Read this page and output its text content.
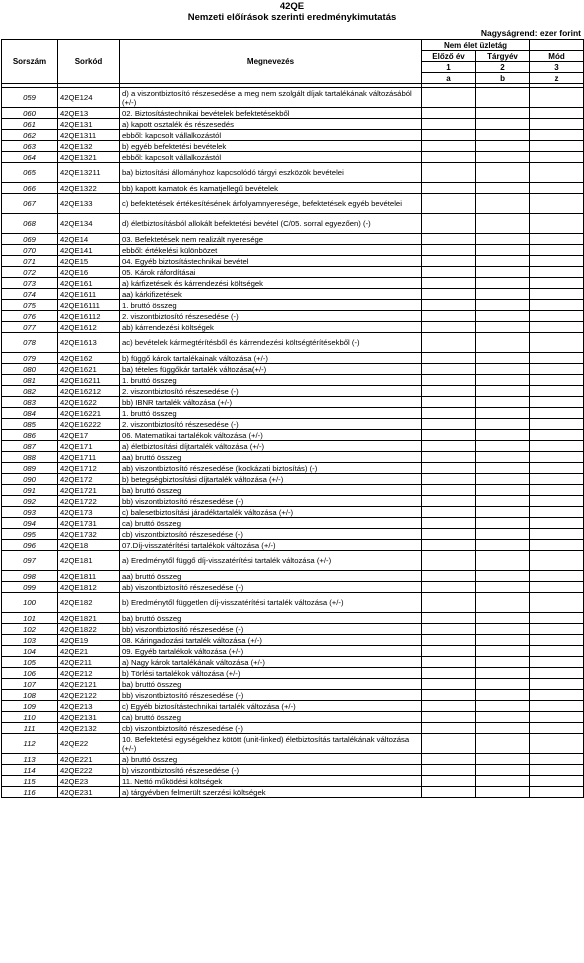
42QE
Nemzeti előírások szerinti eredménykimutatás
Nagyságrend: ezer forint
Sorszám	Sorkód	Megnevezés	Nem élet üzletág		
			Előző év	Tárgyév	Mód
			1	2	3
			a	b	z

059	42QE124	d) a viszontbiztosító részesedése a meg nem szolgált díjak tartalékának változásából (+/-)			
060	42QE13	02. Biztosítástechnikai bevételek befektetésekből			
061	42QE131	a) kapott osztalék és részesedés			
062	42QE1311	ebből: kapcsolt vállalkozástól			
063	42QE132	b) egyéb befektetési bevételek			
064	42QE1321	ebből: kapcsolt vállalkozástól			
065	42QE13211	ba) biztosítási állományhoz kapcsolódó tárgyi eszközök bevételei			
066	42QE1322	bb) kapott kamatok és kamatjellegű bevételek			
067	42QE133	c) befektetések értékesítésének árfolyamnyeresége, befektetések egyéb bevételei			
068	42QE134	d) életbiztosításból allokált befektetési bevétel (C/05. sorral egyezően) (-)			
069	42QE14	03. Befektetések nem realizált nyeresége			
070	42QE141	ebből: értékelési különbözet			
071	42QE15	04. Egyéb biztosítástechnikai bevétel			
072	42QE16	05. Károk ráfordításai			
073	42QE161	a) kárfizetések és kárrendezési költségek			
074	42QE1611	aa) kárkifizetések			
075	42QE16111	1. bruttó összeg			
076	42QE16112	2. viszontbiztosító részesedése (-)			
077	42QE1612	ab) kárrendezési költségek			
078	42QE1613	ac) bevételek kármegtérítésből és kárrendezési költségtérítésekből (-)			
079	42QE162	b) függő károk tartalékainak változása (+/-)			
080	42QE1621	ba) tételes függőkár tartalék változása(+/-)			
081	42QE16211	1. bruttó összeg			
082	42QE16212	2. viszontbiztosító részesedése (-)			
083	42QE1622	bb) IBNR tartalék változása (+/-)			
084	42QE16221	1. bruttó összeg			
085	42QE16222	2. viszontbiztosító részesedése (-)			
086	42QE17	06. Matematikai tartalékok változása (+/-)			
087	42QE171	a) életbiztosítási díjtartalék változása (+/-)			
088	42QE1711	aa) bruttó összeg			
089	42QE1712	ab) viszontbiztosító részesedése (kockázati biztosítás) (-)			
090	42QE172	b) betegségbiztosítási díjtartalék változása (+/-)			
091	42QE1721	ba) bruttó összeg			
092	42QE1722	bb) viszontbiztosító részesedése (-)			
093	42QE173	c) balesetbiztosítási járadéktartalék változása (+/-)			
094	42QE1731	ca) bruttó összeg			
095	42QE1732	cb) viszontbiztosító részesedése (-)			
096	42QE18	07.Díj-visszatérítési tartalékok változása (+/-)			
097	42QE181	a) Eredménytől függő díj-visszatérítési tartalék változása (+/-)			
098	42QE1811	aa) bruttó összeg			
099	42QE1812	ab) viszontbiztosító részesedése (-)			
100	42QE182	b) Eredménytől független díj-visszatérítési tartalék változása (+/-)			
101	42QE1821	ba) bruttó összeg			
102	42QE1822	bb) viszontbiztosító részesedése (-)			
103	42QE19	08. Káringadozási tartalék változása (+/-)			
104	42QE21	09. Egyéb tartalékok változása (+/-)			
105	42QE211	a) Nagy károk tartalékának változása (+/-)			
106	42QE212	b) Törlési tartalékok változása (+/-)			
107	42QE2121	ba) bruttó összeg			
108	42QE2122	bb) viszontbiztosító részesedése (-)			
109	42QE213	c) Egyéb biztosítástechnikai tartalék változása (+/-)			
110	42QE2131	ca) bruttó összeg			
111	42QE2132	cb) viszontbiztosító részesedése (-)			
112	42QE22	10. Befektetési egységekhez kötött (unit-linked) életbiztosítás tartalékának változása (+/-)			
113	42QE221	a) bruttó összeg			
114	42QE222	b) viszontbiztosító részesedése (-)			
115	42QE23	11. Nettó működési költségek			
116	42QE231	a) tárgyévben felmerült szerzési költségek			
